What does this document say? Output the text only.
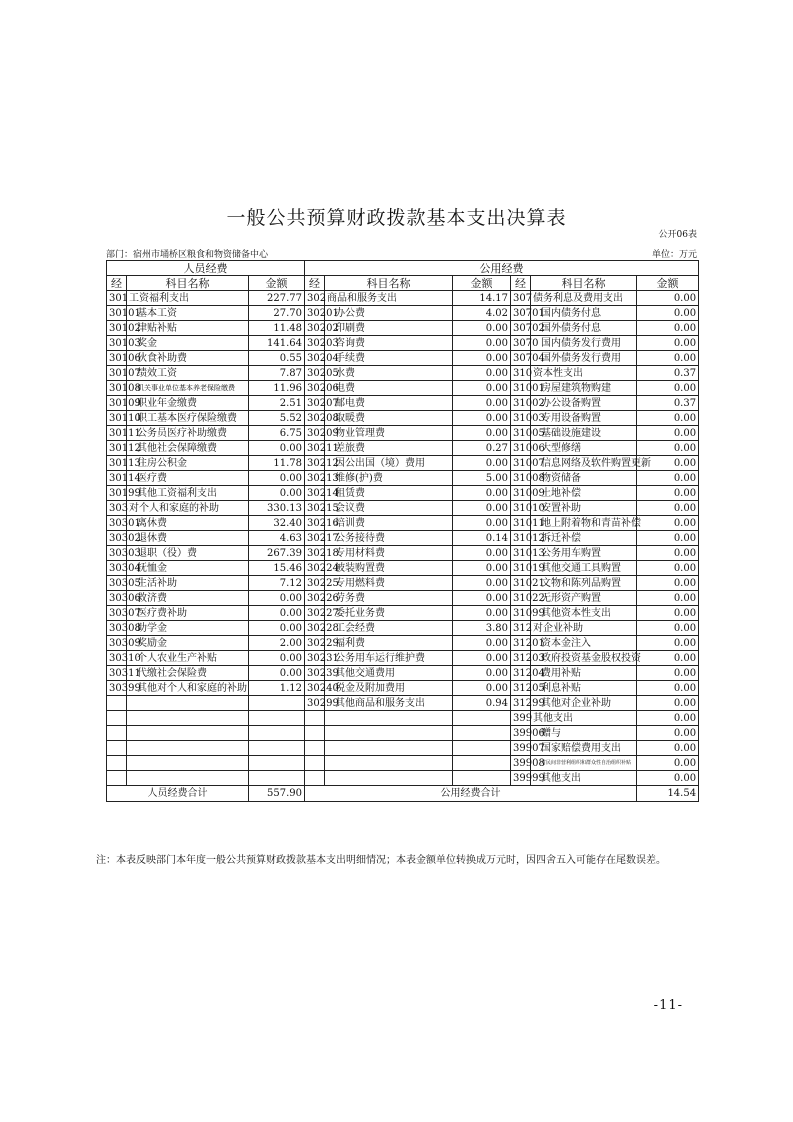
一般公共预算财政拨款基本支出决算表
公开06表
部门：宿州市埇桥区粮食和物资储备中心	单位：万元
人员经费			公用经费					
经	科目名称	金额	经	科目名称	金额	经	科目名称	金额
301	工资福利支出	227.77	302	商品和服务支出	14.17	307	债务利息及费用支出	0.00
30101	基本工资	27.70	30201	办公费	4.02	30701	国内债务付息	0.00
30102	津贴补贴	11.48	30202	印刷费	0.00	30702	国外债务付息	0.00
30103	奖金	141.64	30203	咨询费	0.00	3070	国内债务发行费用	0.00
30106	伙食补助费	0.55	30204	手续费	0.00	30704	国外债务发行费用	0.00
30107	绩效工资	7.87	30205	水费	0.00	310	资本性支出	0.37
30108	机关事业单位基本养老保险缴费	11.96	30206	电费	0.00	31001	房屋建筑物购建	0.00
30109	职业年金缴费	2.51	30207	邮电费	0.00	31002	办公设备购置	0.37
30110	职工基本医疗保险缴费	5.52	30208	取暖费	0.00	31003	专用设备购置	0.00
30111	公务员医疗补助缴费	6.75	30209	物业管理费	0.00	31005	基础设施建设	0.00
30112	其他社会保障缴费	0.00	30211	差旅费	0.27	31006	大型修缮	0.00
30113	住房公积金	11.78	30212	因公出国（境）费用	0.00	31007	信息网络及软件购置更新	0.00
30114	医疗费	0.00	30213	维修(护)费	5.00	31008	物资储备	0.00
30199	其他工资福利支出	0.00	30214	租赁费	0.00	31009	土地补偿	0.00
303	对个人和家庭的补助	330.13	30215	会议费	0.00	31010	安置补助	0.00
30301	离休费	32.40	30216	培训费	0.00	31011	地上附着物和青苗补偿	0.00
30302	退休费	4.63	30217	公务接待费	0.14	31012	拆迁补偿	0.00
30303	退职（役）费	267.39	30218	专用材料费	0.00	31013	公务用车购置	0.00
30304	抚恤金	15.46	30224	被装购置费	0.00	31019	其他交通工具购置	0.00
30305	生活补助	7.12	30225	专用燃料费	0.00	31021	文物和陈列品购置	0.00
30306	救济费	0.00	30226	劳务费	0.00	31022	无形资产购置	0.00
30307	医疗费补助	0.00	30227	委托业务费	0.00	31099	其他资本性支出	0.00
30308	助学金	0.00	30228	工会经费	3.80	312	对企业补助	0.00
30309	奖励金	2.00	30229	福利费	0.00	31201	资本金注入	0.00
30310	个人农业生产补贴	0.00	30231	公务用车运行维护费	0.00	31203	政府投资基金股权投资	0.00
30311	代缴社会保险费	0.00	30239	其他交通费用	0.00	31204	费用补贴	0.00
30399	其他对个人和家庭的补助	1.12	30240	税金及附加费用	0.00	31205	利息补贴	0.00
			30299	其他商品和服务支出	0.94	31299	其他对企业补助	0.00
						399	其他支出	0.00
						39906	赠与	0.00
						39907	国家赔偿费用支出	0.00
						39908	对民间非营利组织和群众性自治组织补贴	0.00
						39999	其他支出	0.00
人员经费合计		557.90	公用经费合计					14.54
注：本表反映部门本年度一般公共预算财政拨款基本支出明细情况；本表金额单位转换成万元时，因四舍五入可能存在尾数误差。
-11-
